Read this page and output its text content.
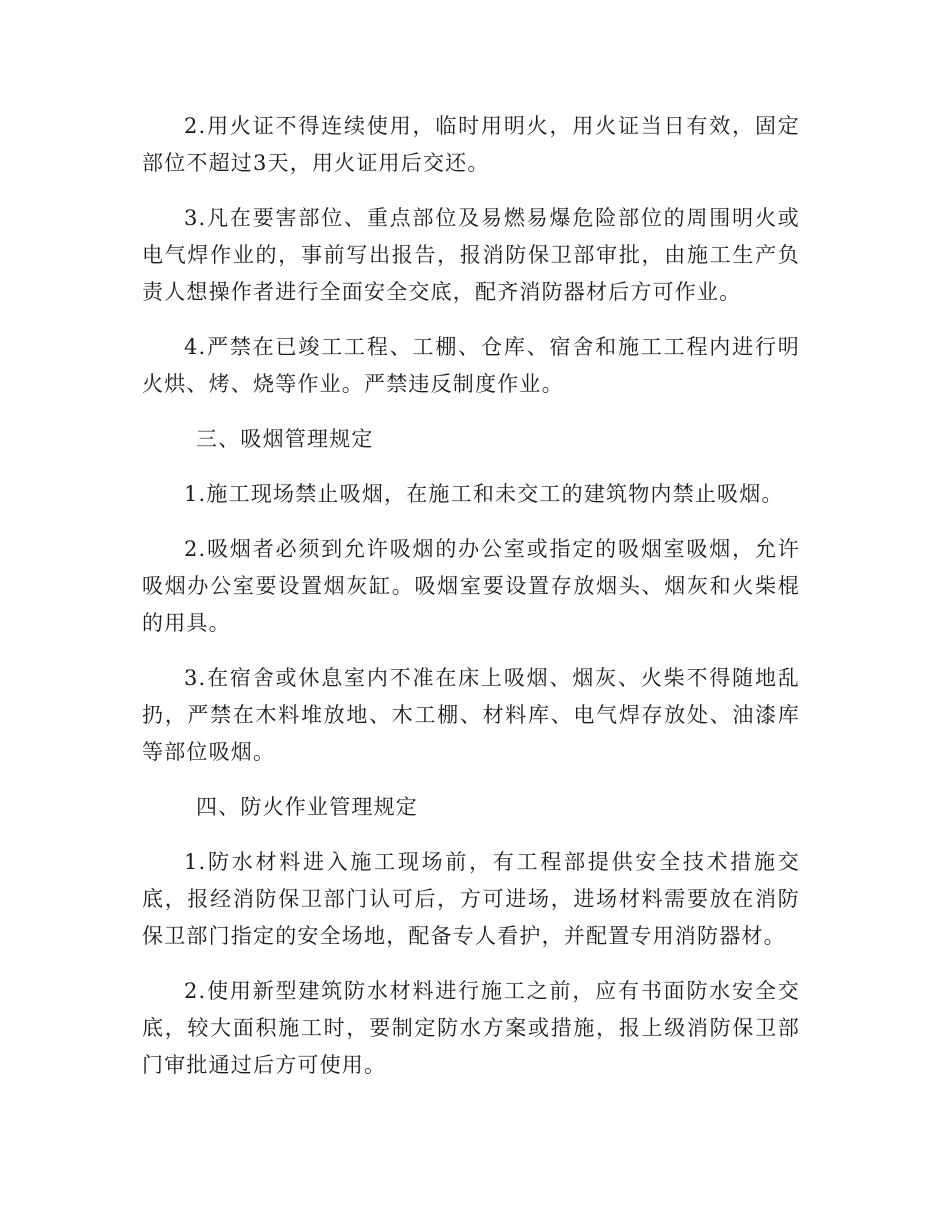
2.用火证不得连续使用，临时用明火，用火证当日有效，固定部位不超过3天，用火证用后交还。

3.凡在要害部位、重点部位及易燃易爆危险部位的周围明火或电气焊作业的，事前写出报告，报消防保卫部审批，由施工生产负责人想操作者进行全面安全交底，配齐消防器材后方可作业。

4.严禁在已竣工工程、工棚、仓库、宿舍和施工工程内进行明火烘、烤、烧等作业。严禁违反制度作业。

三、吸烟管理规定

1.施工现场禁止吸烟，在施工和未交工的建筑物内禁止吸烟。

2.吸烟者必须到允许吸烟的办公室或指定的吸烟室吸烟，允许吸烟办公室要设置烟灰缸。吸烟室要设置存放烟头、烟灰和火柴棍的用具。

3.在宿舍或休息室内不准在床上吸烟、烟灰、火柴不得随地乱扔，严禁在木料堆放地、木工棚、材料库、电气焊存放处、油漆库等部位吸烟。

四、防火作业管理规定

1.防水材料进入施工现场前，有工程部提供安全技术措施交底，报经消防保卫部门认可后，方可进场，进场材料需要放在消防保卫部门指定的安全场地，配备专人看护，并配置专用消防器材。

2.使用新型建筑防水材料进行施工之前，应有书面防水安全交底，较大面积施工时，要制定防水方案或措施，报上级消防保卫部门审批通过后方可使用。
